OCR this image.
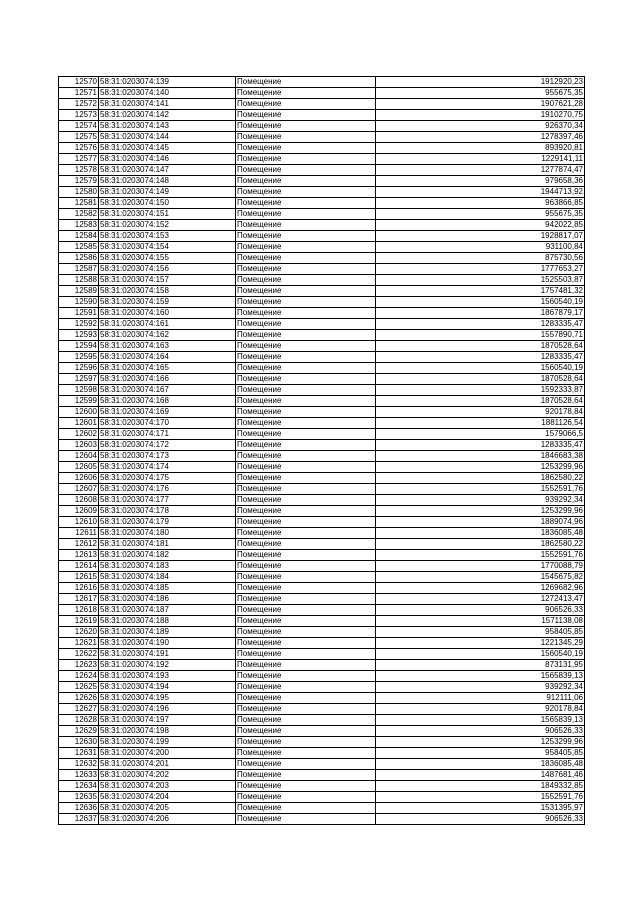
12570	58:31:0203074:139	Помещение	1912920,23
12571	58:31:0203074:140	Помещение	955675,35
12572	58:31:0203074:141	Помещение	1907621,28
12573	58:31:0203074:142	Помещение	1910270,75
12574	58:31:0203074:143	Помещение	926370,34
12575	58:31:0203074:144	Помещение	1278397,46
12576	58:31:0203074:145	Помещение	893920,81
12577	58:31:0203074:146	Помещение	1229141,11
12578	58:31:0203074:147	Помещение	1277874,47
12579	58:31:0203074:148	Помещение	979658,36
12580	58:31:0203074:149	Помещение	1944713,92
12581	58:31:0203074:150	Помещение	963866,85
12582	58:31:0203074:151	Помещение	955675,35
12583	58:31:0203074:152	Помещение	942022,85
12584	58:31:0203074:153	Помещение	1928817,07
12585	58:31:0203074:154	Помещение	931100,84
12586	58:31:0203074:155	Помещение	875730,56
12587	58:31:0203074:156	Помещение	1777653,27
12588	58:31:0203074:157	Помещение	1525503,87
12589	58:31:0203074:158	Помещение	1757481,32
12590	58:31:0203074:159	Помещение	1560540,19
12591	58:31:0203074:160	Помещение	1867879,17
12592	58:31:0203074:161	Помещение	1283335,47
12593	58:31:0203074:162	Помещение	1557890,71
12594	58:31:0203074:163	Помещение	1870528,64
12595	58:31:0203074:164	Помещение	1283335,47
12596	58:31:0203074:165	Помещение	1560540,19
12597	58:31:0203074:166	Помещение	1870528,64
12598	58:31:0203074:167	Помещение	1592333,87
12599	58:31:0203074:168	Помещение	1870528,64
12600	58:31:0203074:169	Помещение	920178,84
12601	58:31:0203074:170	Помещение	1881126,54
12602	58:31:0203074:171	Помещение	1579066,5
12603	58:31:0203074:172	Помещение	1283335,47
12604	58:31:0203074:173	Помещение	1846683,38
12605	58:31:0203074:174	Помещение	1253299,96
12606	58:31:0203074:175	Помещение	1862580,22
12607	58:31:0203074:176	Помещение	1552591,76
12608	58:31:0203074:177	Помещение	939292,34
12609	58:31:0203074:178	Помещение	1253299,96
12610	58:31:0203074:179	Помещение	1889074,96
12611	58:31:0203074:180	Помещение	1836085,48
12612	58:31:0203074:181	Помещение	1862580,22
12613	58:31:0203074:182	Помещение	1552591,76
12614	58:31:0203074:183	Помещение	1770088,79
12615	58:31:0203074:184	Помещение	1545675,82
12616	58:31:0203074:185	Помещение	1269682,96
12617	58:31:0203074:186	Помещение	1272413,47
12618	58:31:0203074:187	Помещение	906526,33
12619	58:31:0203074:188	Помещение	1571138,08
12620	58:31:0203074:189	Помещение	958405,85
12621	58:31:0203074:190	Помещение	1221345,29
12622	58:31:0203074:191	Помещение	1560540,19
12623	58:31:0203074:192	Помещение	873131,95
12624	58:31:0203074:193	Помещение	1565839,13
12625	58:31:0203074:194	Помещение	939292,34
12626	58:31:0203074:195	Помещение	912111,06
12627	58:31:0203074:196	Помещение	920178,84
12628	58:31:0203074:197	Помещение	1565839,13
12629	58:31:0203074:198	Помещение	906526,33
12630	58:31:0203074:199	Помещение	1253299,96
12631	58:31:0203074:200	Помещение	958405,85
12632	58:31:0203074:201	Помещение	1836085,48
12633	58:31:0203074:202	Помещение	1487681,46
12634	58:31:0203074:203	Помещение	1849332,85
12635	58:31:0203074:204	Помещение	1552591,76
12636	58:31:0203074:205	Помещение	1531395,97
12637	58:31:0203074:206	Помещение	906526,33
